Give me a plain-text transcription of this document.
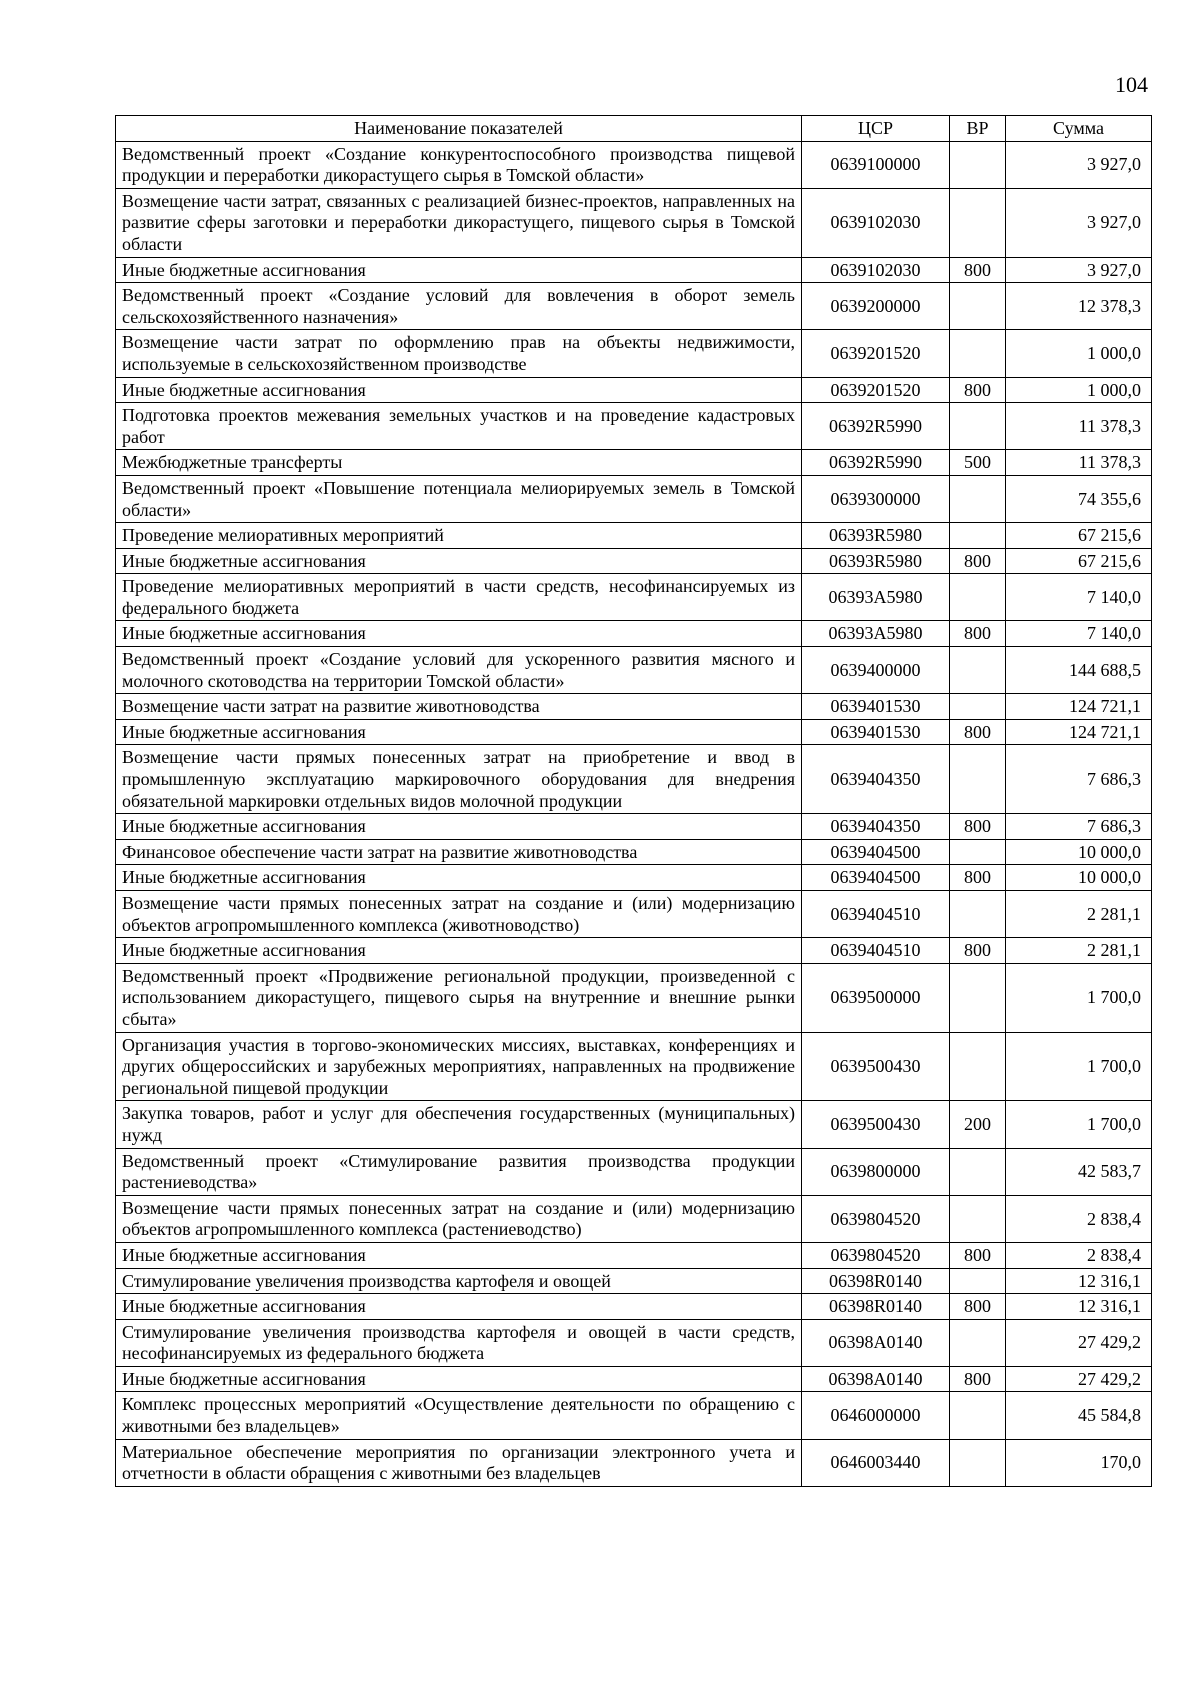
104
Наименование показателей	ЦСР	ВР	Сумма
Ведомственный проект «Создание конкурентоспособного производства пищевой продукции и переработки дикорастущего сырья в Томской области»	0639100000		3 927,0
Возмещение части затрат, связанных с реализацией бизнес-проектов, направленных на развитие сферы заготовки и переработки дикорастущего, пищевого сырья в Томской области	0639102030		3 927,0
Иные бюджетные ассигнования	0639102030	800	3 927,0
Ведомственный проект «Создание условий для вовлечения в оборот земель сельскохозяйственного назначения»	0639200000		12 378,3
Возмещение части затрат по оформлению прав на объекты недвижимости, используемые в сельскохозяйственном производстве	0639201520		1 000,0
Иные бюджетные ассигнования	0639201520	800	1 000,0
Подготовка проектов межевания земельных участков и на проведение кадастровых работ	06392R5990		11 378,3
Межбюджетные трансферты	06392R5990	500	11 378,3
Ведомственный проект «Повышение потенциала мелиорируемых земель в Томской области»	0639300000		74 355,6
Проведение мелиоративных мероприятий	06393R5980		67 215,6
Иные бюджетные ассигнования	06393R5980	800	67 215,6
Проведение мелиоративных мероприятий в части средств, несофинансируемых из федерального бюджета	06393A5980		7 140,0
Иные бюджетные ассигнования	06393A5980	800	7 140,0
Ведомственный проект «Создание условий для ускоренного развития мясного и молочного скотоводства на территории Томской области»	0639400000		144 688,5
Возмещение части затрат на развитие животноводства	0639401530		124 721,1
Иные бюджетные ассигнования	0639401530	800	124 721,1
Возмещение части прямых понесенных затрат на приобретение и ввод в промышленную эксплуатацию маркировочного оборудования для внедрения обязательной маркировки отдельных видов молочной продукции	0639404350		7 686,3
Иные бюджетные ассигнования	0639404350	800	7 686,3
Финансовое обеспечение части затрат на развитие животноводства	0639404500		10 000,0
Иные бюджетные ассигнования	0639404500	800	10 000,0
Возмещение части прямых понесенных затрат на создание и (или) модернизацию объектов агропромышленного комплекса (животноводство)	0639404510		2 281,1
Иные бюджетные ассигнования	0639404510	800	2 281,1
Ведомственный проект «Продвижение региональной продукции, произведенной с использованием дикорастущего, пищевого сырья на внутренние и внешние рынки сбыта»	0639500000		1 700,0
Организация участия в торгово-экономических миссиях, выставках, конференциях и других общероссийских и зарубежных мероприятиях, направленных на продвижение региональной пищевой продукции	0639500430		1 700,0
Закупка товаров, работ и услуг для обеспечения государственных (муниципальных) нужд	0639500430	200	1 700,0
Ведомственный проект «Стимулирование развития производства продукции растениеводства»	0639800000		42 583,7
Возмещение части прямых понесенных затрат на создание и (или) модернизацию объектов агропромышленного комплекса (растениеводство)	0639804520		2 838,4
Иные бюджетные ассигнования	0639804520	800	2 838,4
Стимулирование увеличения производства картофеля и овощей	06398R0140		12 316,1
Иные бюджетные ассигнования	06398R0140	800	12 316,1
Стимулирование увеличения производства картофеля и овощей в части средств, несофинансируемых из федерального бюджета	06398A0140		27 429,2
Иные бюджетные ассигнования	06398A0140	800	27 429,2
Комплекс процессных мероприятий «Осуществление деятельности по обращению с животными без владельцев»	0646000000		45 584,8
Материальное обеспечение мероприятия по организации электронного учета и отчетности в области обращения с животными без владельцев	0646003440		170,0
